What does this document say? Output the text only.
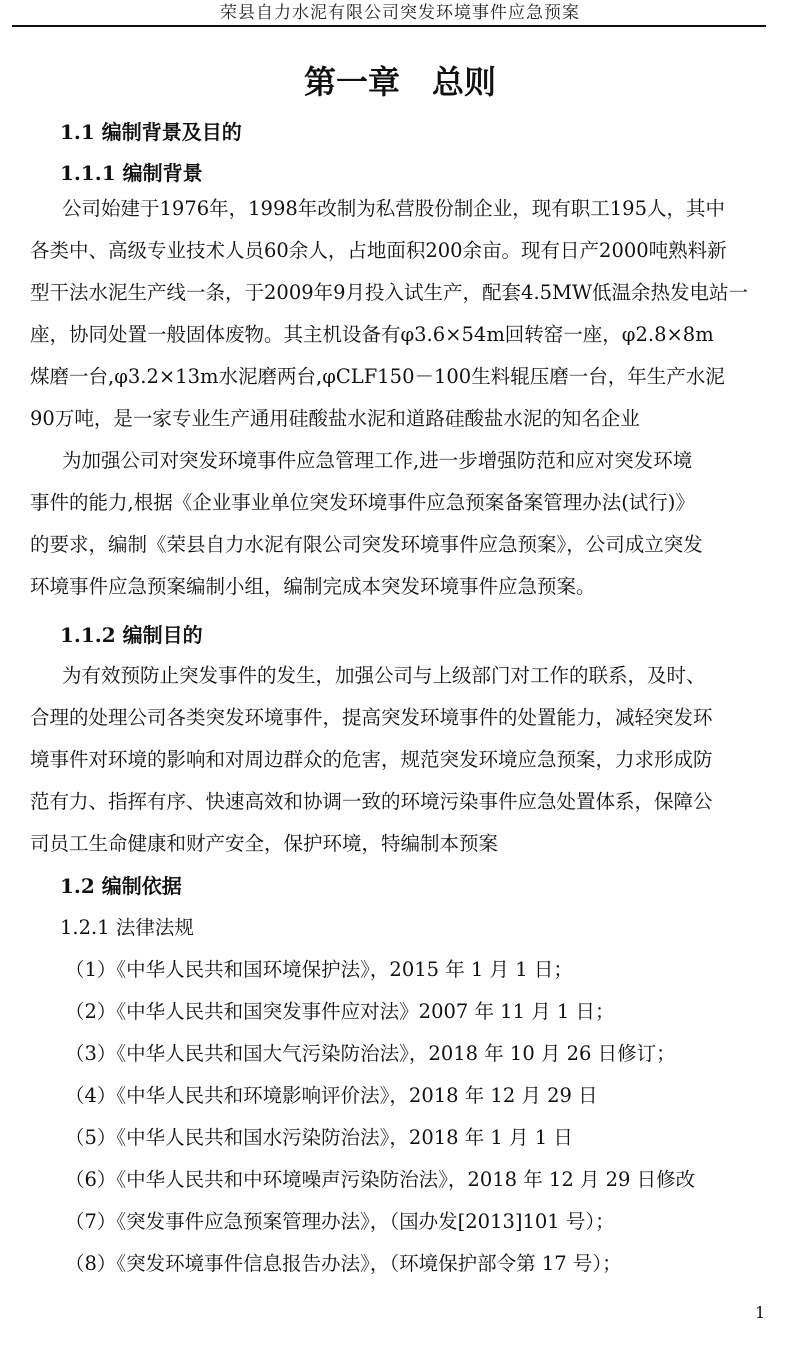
荣县自力水泥有限公司突发环境事件应急预案
第一章 总则
1.1 编制背景及目的
1.1.1 编制背景
公司始建于1976年，1998年改制为私营股份制企业，现有职工195人，其中
各类中、高级专业技术人员60余人，占地面积200余亩。现有日产2000吨熟料新
型干法水泥生产线一条，于2009年9月投入试生产，配套4.5MW低温余热发电站一
座，协同处置一般固体废物。其主机设备有φ3.6×54m回转窑一座，φ2.8×8m
煤磨一台,φ3.2×13m水泥磨两台,φCLF150－100生料辊压磨一台，年生产水泥
90万吨，是一家专业生产通用硅酸盐水泥和道路硅酸盐水泥的知名企业
为加强公司对突发环境事件应急管理工作,进一步增强防范和应对突发环境
事件的能力,根据《企业事业单位突发环境事件应急预案备案管理办法(试行)》
的要求，编制《荣县自力水泥有限公司突发环境事件应急预案》，公司成立突发
环境事件应急预案编制小组，编制完成本突发环境事件应急预案。
1.1.2 编制目的
为有效预防止突发事件的发生，加强公司与上级部门对工作的联系，及时、
合理的处理公司各类突发环境事件，提高突发环境事件的处置能力，减轻突发环
境事件对环境的影响和对周边群众的危害，规范突发环境应急预案，力求形成防
范有力、指挥有序、快速高效和协调一致的环境污染事件应急处置体系，保障公
司员工生命健康和财产安全，保护环境，特编制本预案
1.2 编制依据
1.2.1 法律法规
（1）《中华人民共和国环境保护法》，2015 年 1 月 1 日；
（2）《中华人民共和国突发事件应对法》2007 年 11 月 1 日；
（3）《中华人民共和国大气污染防治法》，2018 年 10 月 26 日修订；
（4）《中华人民共和环境影响评价法》，2018 年 12 月 29 日
（5）《中华人民共和国水污染防治法》，2018 年 1 月 1 日
（6）《中华人民共和中环境噪声污染防治法》，2018 年 12 月 29 日修改
（7）《突发事件应急预案管理办法》，（国办发[2013]101 号）；
（8）《突发环境事件信息报告办法》，（环境保护部令第 17 号）；
1
